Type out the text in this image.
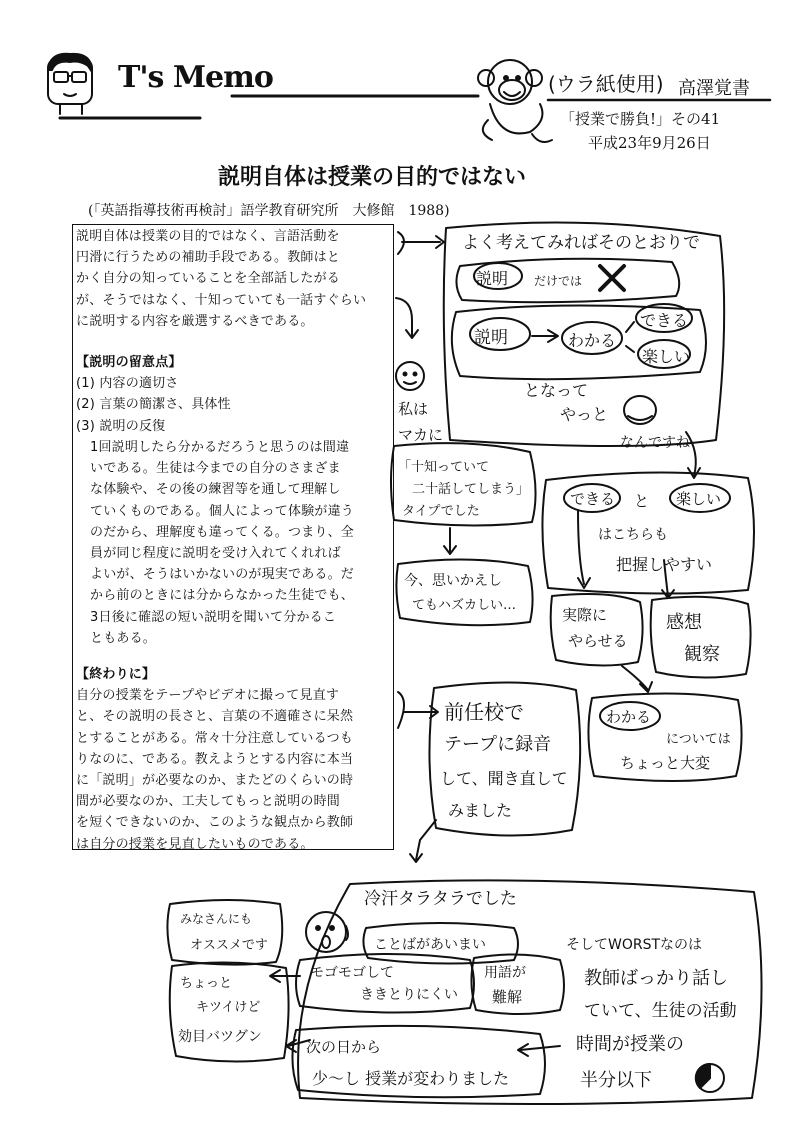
T's Memo	(ウラ紙使用) 高澤覚書
「授業で勝負!」その41
平成23年9月26日
説明自体は授業の目的ではない
(「英語指導技術再検討」語学教育研究所　大修館　1988)
説明自体は授業の目的ではなく、言語活動を
円滑に行うための補助手段である。教師はと
かく自分の知っていることを全部話したがる
が、そうではなく、十知っていても一話すぐらい
に説明する内容を厳選するべきである。
【説明の留意点】
(1) 内容の適切さ
(2) 言葉の簡潔さ、具体性
(3) 説明の反復
1回説明したら分かるだろうと思うのは間違
いである。生徒は今までの自分のさまざま
な体験や、その後の練習等を通して理解し
ていくものである。個人によって体験が違う
のだから、理解度も違ってくる。つまり、全
員が同じ程度に説明を受け入れてくれれば
よいが、そうはいかないのが現実である。だ
から前のときには分からなかった生徒でも、
3日後に確認の短い説明を聞いて分かるこ
ともある。
【終わりに】
自分の授業をテープやビデオに撮って見直す
と、その説明の長さと、言葉の不適確さに呆然
とすることがある。常々十分注意しているつも
りなのに、である。教えようとする内容に本当
に「説明」が必要なのか、またどのくらいの時
間が必要なのか、工夫してもっと説明の時間
を短くできないのか、このような観点から教師
は自分の授業を見直したいものである。
よく考えてみればそのとおりで
説明 だけでは
説明	わかる
できる
楽しい
となって
やっと
なんですね
私は
マカに
「十知っていて
二十話してしまう」
タイプでした
今、思いかえし
てもハズカしい…
できる と 楽しい
はこちらも
把握しやすい
実際に
やらせる
感想
観察
前任校で
テープに録音
して、聞き直して
みました
わかる
については
ちょっと大変
冷汗タラタラでした
ことばがあいまい
モゴモゴして
ききとりにくい
用語が
難解
そしてWORSTなのは
教師ばっかり話し
ていて、生徒の活動
時間が授業の
半分以下
みなさんにも
オススメです
ちょっと
キツイけど
効目バツグン
次の日から
少～し 授業が変わりました
